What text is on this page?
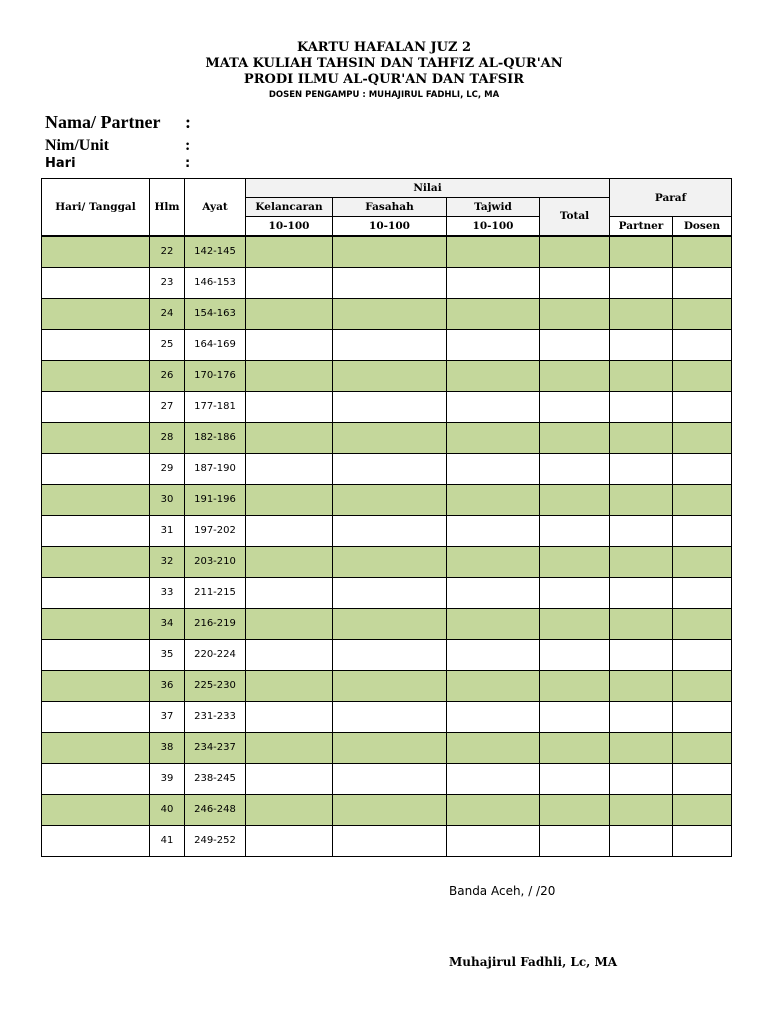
KARTU HAFALAN JUZ 2
MATA KULIAH TAHSIN DAN TAHFIZ AL-QUR'AN
PRODI ILMU AL-QUR'AN DAN TAFSIR
DOSEN PENGAMPU : MUHAJIRUL FADHLI, LC, MA
Nama/ Partner :
Nim/Unit	:
Hari	:
Hari/ Tanggal	Hlm	Ayat	Nilai				Paraf	
			Kelancaran	Fasahah	Tajwid	Total		
			10-100	10-100	10-100		Partner	Dosen
	22	142-145						
	23	146-153						
	24	154-163						
	25	164-169						
	26	170-176						
	27	177-181						
	28	182-186						
	29	187-190						
	30	191-196						
	31	197-202						
	32	203-210						
	33	211-215						
	34	216-219						
	35	220-224						
	36	225-230						
	37	231-233						
	38	234-237						
	39	238-245						
	40	246-248						
	41	249-252						
Banda Aceh, / /20
Muhajirul Fadhli, Lc, MA
